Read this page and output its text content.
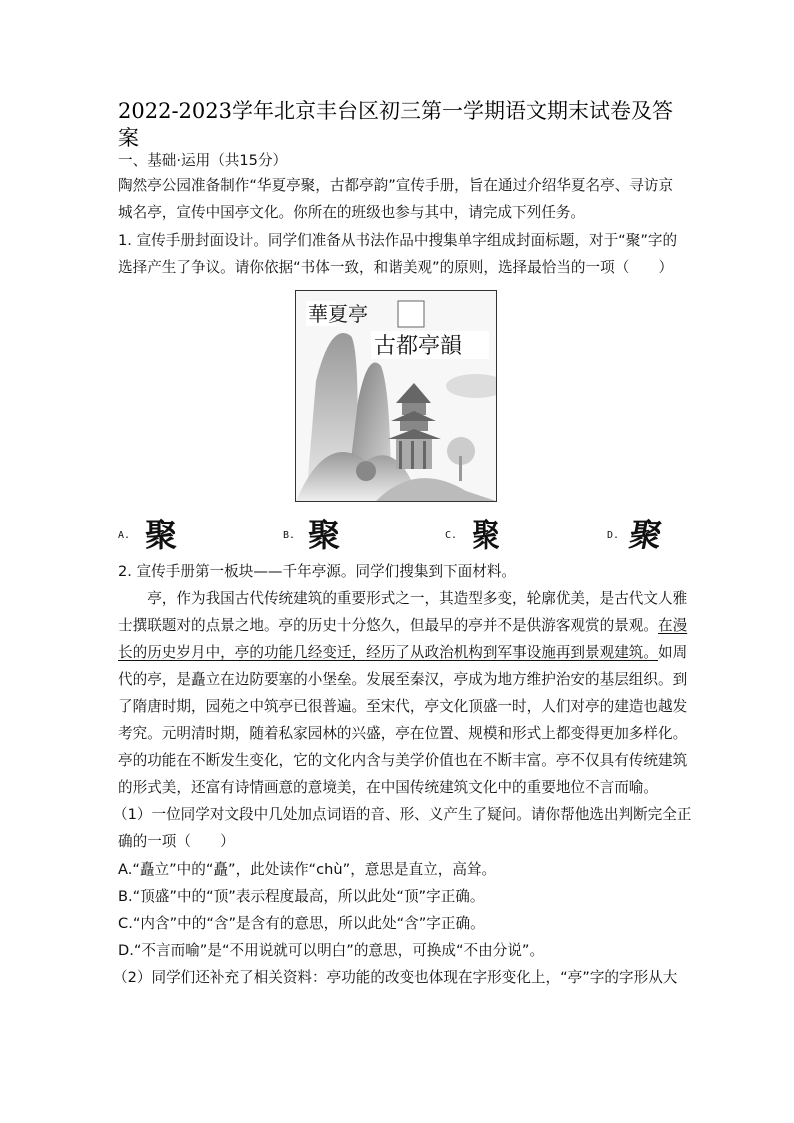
2022-2023学年北京丰台区初三第一学期语文期末试卷及答
案
一、基础·运用（共15分）
陶然亭公园准备制作“华夏亭聚，古都亭韵”宣传手册，旨在通过介绍华夏名亭、寻访京
城名亭，宣传中国亭文化。你所在的班级也参与其中，请完成下列任务。
1. 宣传手册封面设计。同学们准备从书法作品中搜集单字组成封面标题，对于“聚”字的
选择产生了争议。请你依据“书体一致，和谐美观”的原则，选择最恰当的一项（　　）
華夏亭
古都亭韻
A. 聚	B. 聚	C. 聚	D. 聚
2. 宣传手册第一板块——千年亭源。同学们搜集到下面材料。
　　亭，作为我国古代传统建筑的重要形式之一，其造型多变，轮廓优美，是古代文人雅
士撰联题对的点景之地。亭的历史十分悠久，但最早的亭并不是供游客观赏的景观。在漫
长的历史岁月中，亭的功能几经变迁，经历了从政治机构到军事设施再到景观建筑。如周
代的亭，是矗立在边防要塞的小堡垒。发展至秦汉，亭成为地方维护治安的基层组织。到
了隋唐时期，园苑之中筑亭已很普遍。至宋代，亭文化顶盛一时，人们对亭的建造也越发
考究。元明清时期，随着私家园林的兴盛，亭在位置、规模和形式上都变得更加多样化。
亭的功能在不断发生变化，它的文化内含与美学价值也在不断丰富。亭不仅具有传统建筑
的形式美，还富有诗情画意的意境美，在中国传统建筑文化中的重要地位不言而喻。
（1）一位同学对文段中几处加点词语的音、形、义产生了疑问。请你帮他选出判断完全正
确的一项（　　）
A.“矗立”中的“矗”，此处读作“chù”，意思是直立，高耸。
B.“顶盛”中的“顶”表示程度最高，所以此处“顶”字正确。
C.“内含”中的“含”是含有的意思，所以此处“含”字正确。
D.“不言而喻”是“不用说就可以明白”的意思，可换成“不由分说”。
（2）同学们还补充了相关资料：亭功能的改变也体现在字形变化上，“亭”字的字形从大
